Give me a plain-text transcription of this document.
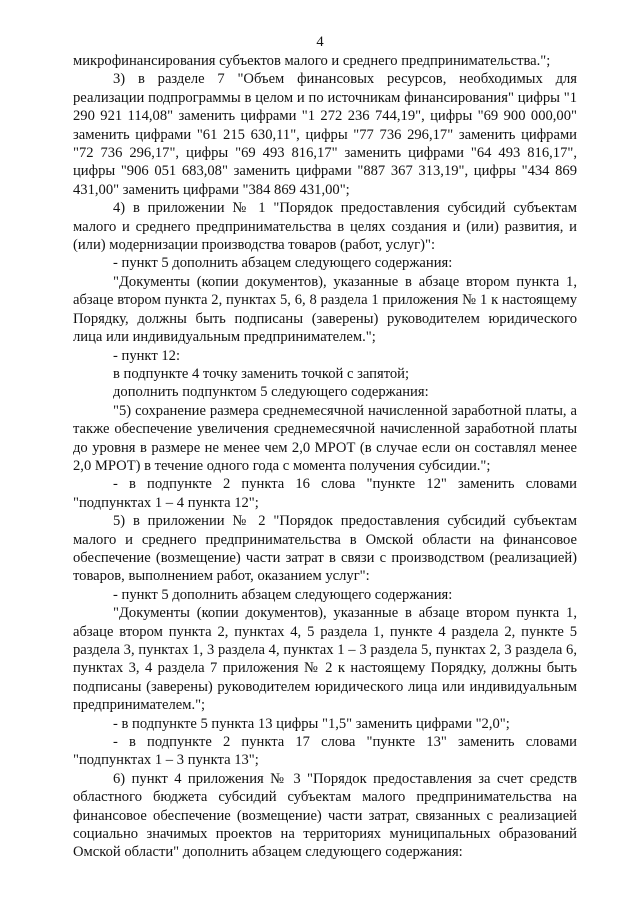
4

микрофинансирования субъектов малого и среднего предпринимательства.";

3) в разделе 7 "Объем финансовых ресурсов, необходимых для реализации подпрограммы в целом и по источникам финансирования" цифры "1 290 921 114,08" заменить цифрами "1 272 236 744,19", цифры "69 900 000,00" заменить цифрами "61 215 630,11", цифры "77 736 296,17" заменить цифрами "72 736 296,17", цифры "69 493 816,17" заменить цифрами "64 493 816,17", цифры "906 051 683,08" заменить цифрами "887 367 313,19", цифры "434 869 431,00" заменить цифрами "384 869 431,00";

4) в приложении № 1 "Порядок предоставления субсидий субъектам малого и среднего предпринимательства в целях создания и (или) развития, и (или) модернизации производства товаров (работ, услуг)":

- пункт 5 дополнить абзацем следующего содержания:

"Документы (копии документов), указанные в абзаце втором пункта 1, абзаце втором пункта 2, пунктах 5, 6, 8 раздела 1 приложения № 1 к настоящему Порядку, должны быть подписаны (заверены) руководителем юридического лица или индивидуальным предпринимателем.";

- пункт 12:

в подпункте 4 точку заменить точкой с запятой;

дополнить подпунктом 5 следующего содержания:

"5) сохранение размера среднемесячной начисленной заработной платы, а также обеспечение увеличения среднемесячной начисленной заработной платы до уровня в размере не менее чем 2,0 МРОТ (в случае если он составлял менее 2,0 МРОТ) в течение одного года с момента получения субсидии.";

- в подпункте 2 пункта 16 слова "пункте 12" заменить словами "подпунктах 1 – 4 пункта 12";

5) в приложении № 2 "Порядок предоставления субсидий субъектам малого и среднего предпринимательства в Омской области на финансовое обеспечение (возмещение) части затрат в связи с производством (реализацией) товаров, выполнением работ, оказанием услуг":

- пункт 5 дополнить абзацем следующего содержания:

"Документы (копии документов), указанные в абзаце втором пункта 1, абзаце втором пункта 2, пунктах 4, 5 раздела 1, пункте 4 раздела 2, пункте 5 раздела 3, пунктах 1, 3 раздела 4, пунктах 1 – 3 раздела 5, пунктах 2, 3 раздела 6, пунктах 3, 4 раздела 7 приложения № 2 к настоящему Порядку, должны быть подписаны (заверены) руководителем юридического лица или индивидуальным предпринимателем.";

- в подпункте 5 пункта 13 цифры "1,5" заменить цифрами "2,0";

- в подпункте 2 пункта 17 слова "пункте 13" заменить словами "подпунктах 1 – 3 пункта 13";

6) пункт 4 приложения № 3 "Порядок предоставления за счет средств областного бюджета субсидий субъектам малого предпринимательства на финансовое обеспечение (возмещение) части затрат, связанных с реализацией социально значимых проектов на территориях муниципальных образований Омской области" дополнить абзацем следующего содержания:
